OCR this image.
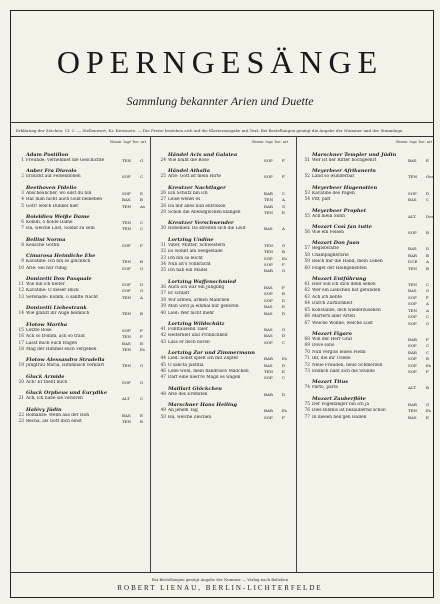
OPERNGESÄNGE
Sammlung bekannter Arien und Duette
Erklärung der Zeichen: Cl. C. — Stellenwert; Kr. Kreisnote. — Die Preise beziehen sich auf die Klavierausgabe mit Text. Bei Bestellungen genügt die Angabe der Nummer und der Stimmlage.
Stimm- lage Ton- art
Adam Postillon
1 Freunde, vernehmet die Geschichte	TEN	G
Auber Fra Diavolo
2 Erblickt auf Felsenhöhen	SOP	C
Beethoven Fidelio
3 Abscheulicher, wo eilst du hin	SOP	E
4 Hat man nicht auch Gold beineben	BAS	B
5 Gott! welch Dunkel hier	TEN	As
Boieldieu Weiße Dame
6 Komm, o holde Dame	TEN	C
7 Ha, welche Lust, Soldat zu sein	TEN	C
Bellini Norma
8 Keusche Göttin	SOP	F
Cimarosa Heimliche Ehe
9 Kavatine: Ich bin so glücklich	TEN	B
10 Arie: Sei nur ruhig	SOP	G
Donizetti Don Pasquale
11 Wie bin ich heiter	SOP	D
12 Kavatine: O dieser Blick	SOP	G
13 Serenade: Komm, o sanfte Nacht	TEN	A
Donizetti Liebestrank
14 Wie glänzt ihr Auge heimlich	TEN	B
Flotow Martha
15 Letzte Rose	SOP	F
16 Ach so fromm, ach so traut	TEN	F
17 Lasst mich euch fragen	BAS	B
18 Mag der Himmel euch vergeben	TEN	Es
Flotow Alessandro Stradella
19 Jungfrau Maria, Himmlisch verklärt	TEN	G
Gluck Armide
20 Ach! Er flieht mich	SOP	G
Gluck Orpheus und Eurydike
21 Ach, ich habe sie verloren	ALT	C
Halévy Jüdin
22 Romanze: Wenn aus der Höh	BAS	E
23 Recha, als Gott dich einst	TEN	B
Stimm- lage Ton- art
Händel Acis und Galatea
24 Wie blüht die Rose	SOP	F
Händel Athalia
25 Arie: Gott ist mein Hirte	SOP	F
Kreutzer Nachtlager
26 Ein Schütz bin ich	BAR	C
27 Leise wehet es	TEN	A
28 Da mir alles nun entrissen	BAR	G
29 Schon die Abendglocken klangen	TEN	E
Kreutzer Verschwender
30 Hobellied: Da streiten sich die Leut	BAS	A
Lortzing Undine
31 Vater, Mutter, Schwestern	TEN	G
32 Es wohnt am Seegestade	TEN	B
33 Ich bin so leicht	SOP	Es
34 Nun ist's vollbracht	SOP	F
35 Ich hab ein Mädel	BAR	G
Lortzing Waffenschmied
36 Auch ich war ein Jüngling	BAS	F
37 Er schläft	SOP	B
38 Wir armen, armen Mädchen	SOP	D
39 Man wird ja einmal nur geboren	BAS	E
40 Lied: Wer nicht mehr	BAS	D
Lortzing Wildschütz
41 Fünftausend Taler	BAS	G
42 Heiterkeit und Fröhlichkeit	BAS	D
43 Lass er doch hören	SOP	C
Lortzing Zar und Zimmermann
44 Lied: Sonst spielt ich mit Zepter	BAR	Es
45 O sancta justitia	BAS	D
46 Lebe wohl, mein flandrisch Mädchen	TEN	E
47 Darf eine nied're Magd es wagen	SOP	C
Maillart Glöckchen
48 Arie des Eremiten	BAR	D
Marschner Hans Heiling
49 An jenem Tag	BAR	Es
50 Ha, welche Zeichen	SOP	F
Stimm- lage Ton- art
Marschner Templer und Jüdin
51 Wer ist der Ritter hochgeehrt	BAS	E
Meyerbeer Afrikanerin
52 Land so wunderbar	TEN	Ges
Meyerbeer Hugenotten
53 Kavatine des Pagen	SOP	D
54 Piff, paff	BAS	C
Meyerbeer Prophet
55 Ach mein Sohn	ALT	Des
Mozart Così fan tutte
56 Wie ein Felsen	SOP	B
Mozart Don Juan
57 Registerarie	BAS	D
58 Champagnerarie	BAR	B
59 Reich mir die Hand, mein Leben	DUE	A
60 Folget der Heißgeliebten	TEN	B
Mozart Entführung
61 Hier soll ich dich denn sehen	TEN	C
62 Wer ein Liebchen hat gefunden	BAS	G
63 Ach ich liebte	SOP	F
64 Durch Zärtlichkeit	SOP	A
65 Konstanze, dich wiederzusehen	TEN	A
66 Martern aller Arten	SOP	C
67 Welche Wonne, welche Lust	SOP	G
Mozart Figaro
68 Will der Herr Graf	BAR	F
69 Dove sono	SOP	C
70 Nun vergiss leises Flehn	BAR	C
71 Ihr, die ihr Triebe	SOP	B
72 Neue Freuden, neue Schmerzen	SOP	Es
73 Endlich naht sich die Stunde	SOP	F
Mozart Titus
74 Parto, parto	ALT	B
Mozart Zauberflöte
75 Der Vogelfänger bin ich ja	BAR	G
76 Dies Bildnis ist bezaubernd schön	TEN	Es
77 In diesen heil'gen Hallen	BAS	E
Bei Bestellungen genügt Angabe der Nummer — Verlag nach Belieben
ROBERT LIENAU, BERLIN-LICHTERFELDE
